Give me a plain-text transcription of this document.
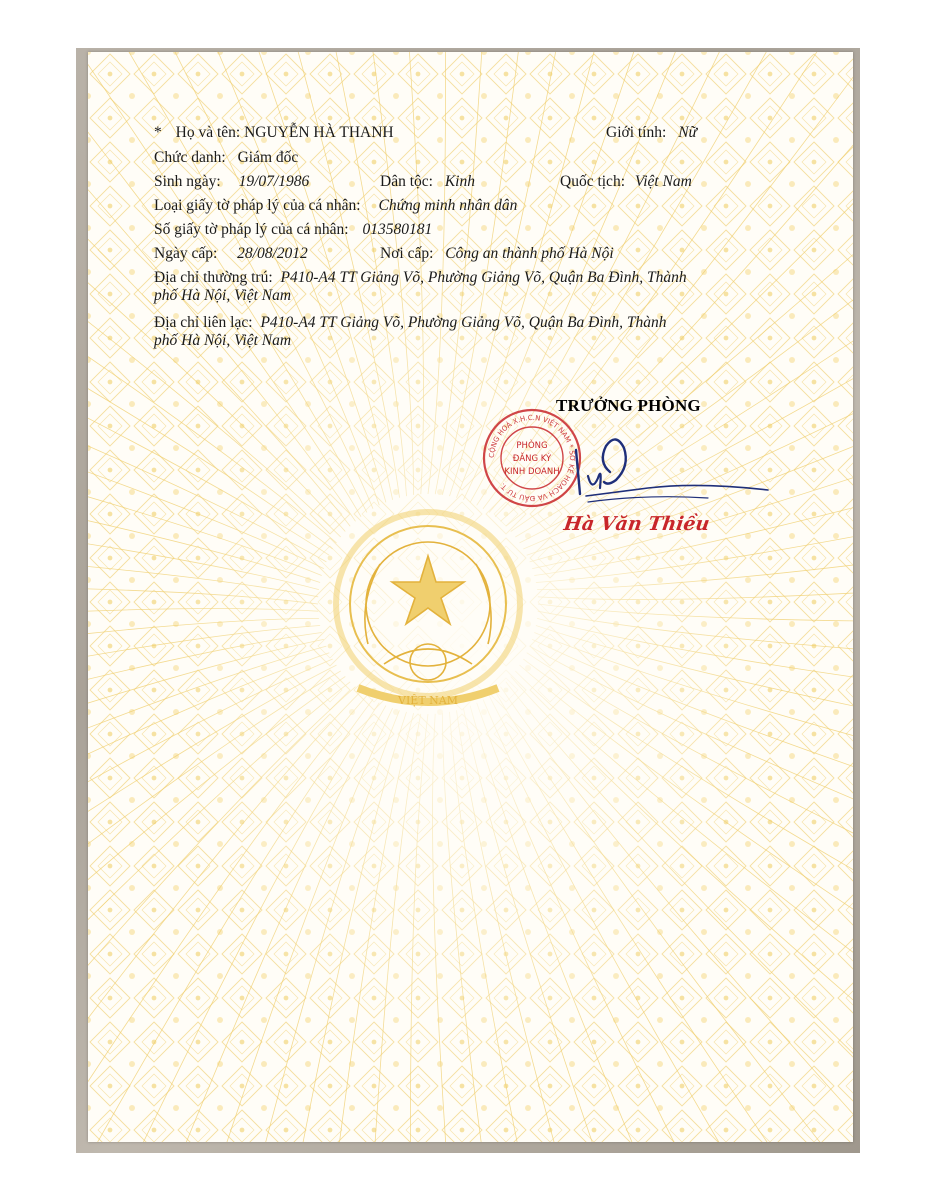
VIỆT NAM
* Họ và tên: NGUYỄN HÀ THANH	Giới tính: Nữ
Chức danh: Giám đốc
Sinh ngày: 19/07/1986	Dân tộc: Kinh	Quốc tịch: Việt Nam
Loại giấy tờ pháp lý của cá nhân: Chứng minh nhân dân
Số giấy tờ pháp lý của cá nhân: 013580181
Ngày cấp: 28/08/2012	Nơi cấp: Công an thành phố Hà Nội
Địa chỉ thường trú: P410-A4 TT Giảng Võ, Phường Giảng Võ, Quận Ba Đình, Thành
phố Hà Nội, Việt Nam
Địa chỉ liên lạc: P410-A4 TT Giảng Võ, Phường Giảng Võ, Quận Ba Đình, Thành
phố Hà Nội, Việt Nam
TRƯỞNG PHÒNG
CỘNG HOÀ X.H.C.N VIỆT NAM * SỞ KẾ HOẠCH VÀ ĐẦU TƯ T.
PHÒNG
ĐĂNG KÝ
KINH DOANH
Hà Văn Thiều
